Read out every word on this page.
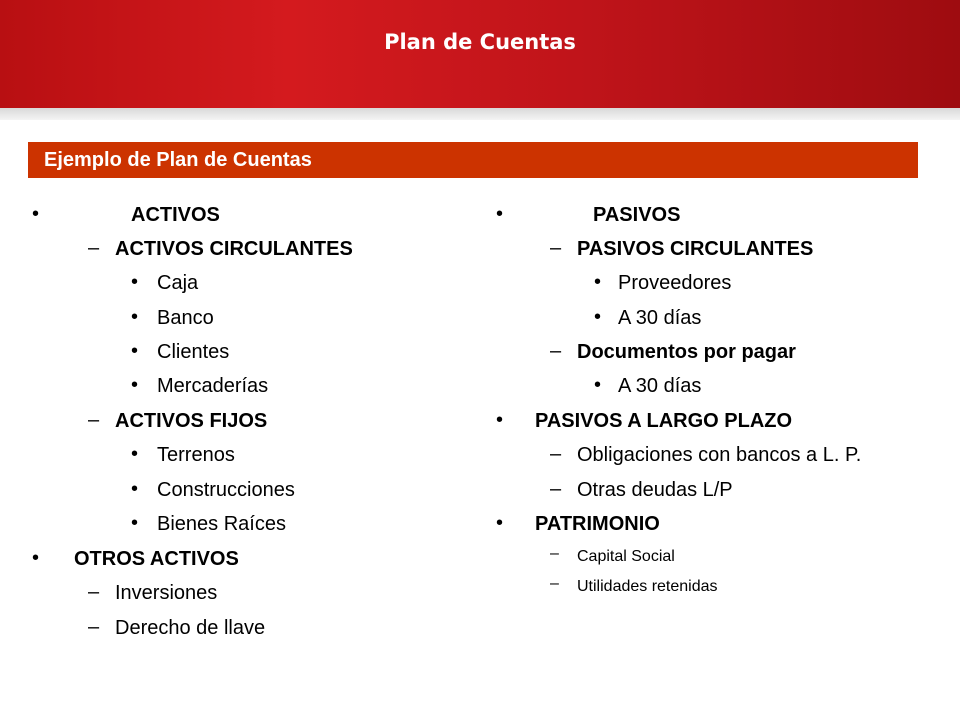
Plan de Cuentas
Ejemplo de Plan de Cuentas
•	ACTIVOS
– ACTIVOS CIRCULANTES
• Caja
• Banco
• Clientes
• Mercaderías
– ACTIVOS FIJOS
• Terrenos
• Construcciones
• Bienes Raíces
• OTROS ACTIVOS
– Inversiones
– Derecho de llave
•	PASIVOS
– PASIVOS CIRCULANTES
• Proveedores
• A 30 días
– Documentos por pagar
• A 30 días
• PASIVOS A LARGO PLAZO
– Obligaciones con bancos a L. P.
– Otras deudas L/P
• PATRIMONIO
– Capital Social
– Utilidades retenidas
